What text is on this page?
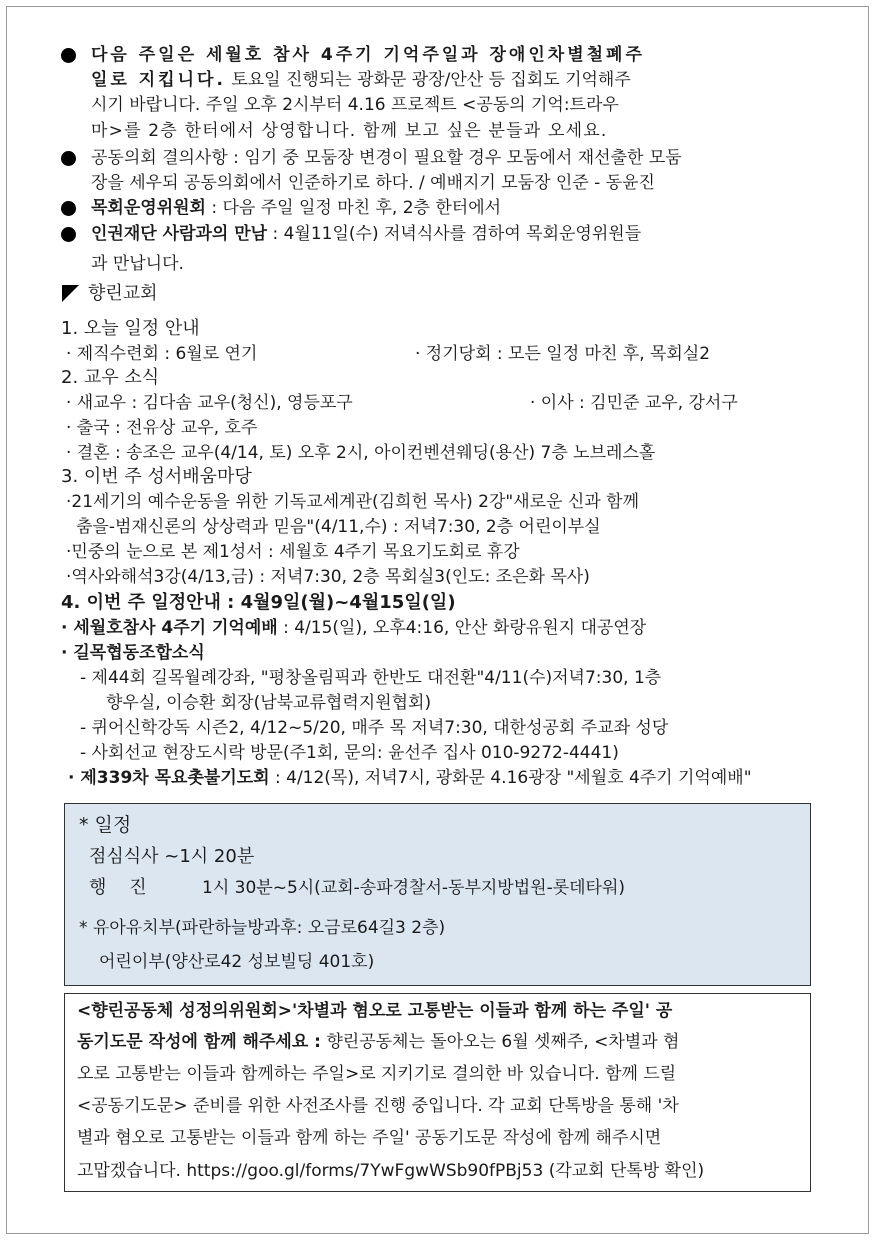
다음 주일은 세월호 참사 4주기 기억주일과 장애인차별철폐주
일로 지킵니다. 토요일 진행되는 광화문 광장/안산 등 집회도 기억해주
시기 바랍니다. 주일 오후 2시부터 4.16 프로젝트 <공동의 기억:트라우
마>를 2층 한터에서 상영합니다. 함께 보고 싶은 분들과 오세요.
공동의회 결의사항 : 임기 중 모둠장 변경이 필요할 경우 모둠에서 재선출한 모둠
장을 세우되 공동의회에서 인준하기로 하다. / 예배지기 모둠장 인준 - 동윤진
목회운영위원회 : 다음 주일 일정 마친 후, 2층 한터에서
인권재단 사람과의 만남 : 4월11일(수) 저녁식사를 겸하여 목회운영위원들
과 만납니다.
향린교회
1. 오늘 일정 안내
· 제직수련회 : 6월로 연기	· 정기당회 : 모든 일정 마친 후, 목회실2
2. 교우 소식
· 새교우 : 김다솜 교우(청신), 영등포구	· 이사 : 김민준 교우, 강서구
· 출국 : 전유상 교우, 호주
· 결혼 : 송조은 교우(4/14, 토) 오후 2시, 아이컨벤션웨딩(용산) 7층 노브레스홀
3. 이번 주 성서배움마당
·21세기의 예수운동을 위한 기독교세계관(김희헌 목사) 2강"새로운 신과 함께
춤을-범재신론의 상상력과 믿음"(4/11,수) : 저녁7:30, 2층 어린이부실
·민중의 눈으로 본 제1성서 : 세월호 4주기 목요기도회로 휴강
·역사와해석3강(4/13,금) : 저녁7:30, 2층 목회실3(인도: 조은화 목사)
4. 이번 주 일정안내 : 4월9일(월)~4월15일(일)
· 세월호참사 4주기 기억예배 : 4/15(일), 오후4:16, 안산 화랑유원지 대공연장
· 길목협동조합소식
- 제44회 길목월례강좌, "평창올림픽과 한반도 대전환"4/11(수)저녁7:30, 1층
향우실, 이승환 회장(남북교류협력지원협회)
- 퀴어신학강독 시즌2, 4/12~5/20, 매주 목 저녁7:30, 대한성공회 주교좌 성당
- 사회선교 현장도시락 방문(주1회, 문의: 윤선주 집사 010-9272-4441)
· 제339차 목요촛불기도회 : 4/12(목), 저녁7시, 광화문 4.16광장 "세월호 4주기 기억예배"
* 일정
점심식사 ~1시 20분
행    진	1시 30분~5시(교회-송파경찰서-동부지방법원-롯데타워)
* 유아유치부(파란하늘방과후: 오금로64길3 2층)
어린이부(양산로42 성보빌딩 401호)
<향린공동체 성정의위원회>'차별과 혐오로 고통받는 이들과 함께 하는 주일' 공
동기도문 작성에 함께 해주세요 : 향린공동체는 돌아오는 6월 셋째주, <차별과 혐
오로 고통받는 이들과 함께하는 주일>로 지키기로 결의한 바 있습니다. 함께 드릴
<공동기도문> 준비를 위한 사전조사를 진행 중입니다. 각 교회 단톡방을 통해 '차
별과 혐오로 고통받는 이들과 함께 하는 주일' 공동기도문 작성에 함께 해주시면
고맙겠습니다. https://goo.gl/forms/7YwFgwWSb90fPBj53 (각교회 단톡방 확인)
